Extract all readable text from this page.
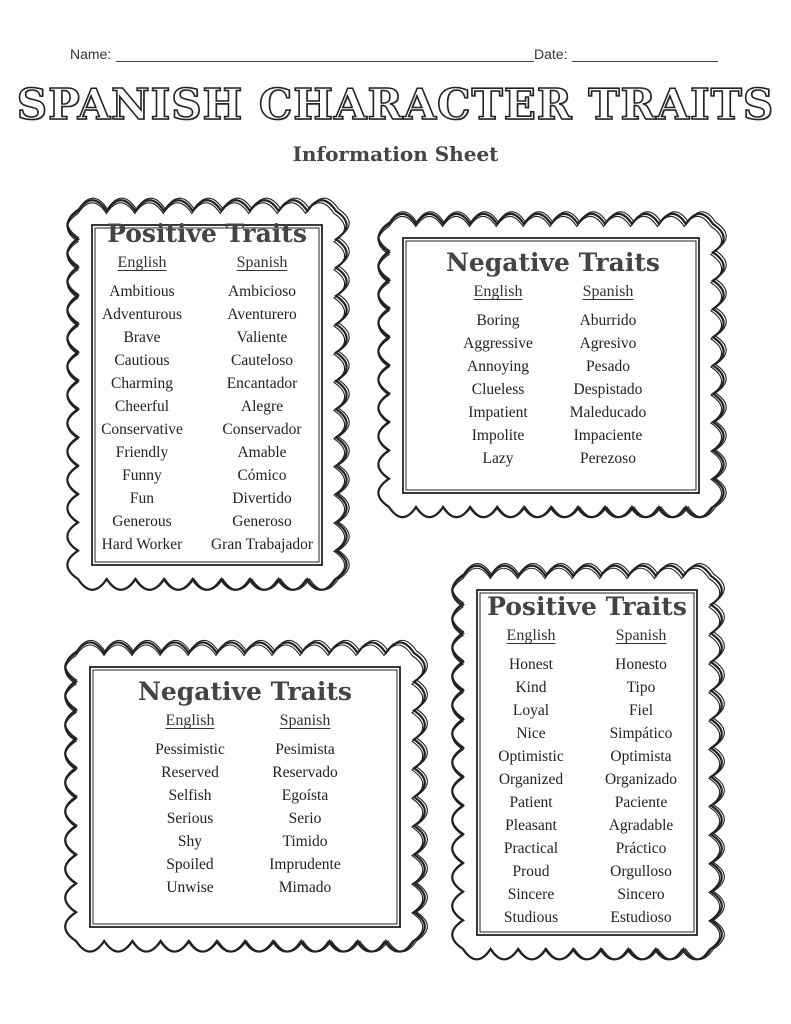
Name:	Date:
SPANISH CHARACTER TRAITS
Information Sheet
Positive Traits
English
Ambitious
Adventurous
Brave
Cautious
Charming
Cheerful
Conservative
Friendly
Funny
Fun
Generous
Hard Worker
Spanish
Ambicioso
Aventurero
Valiente
Cauteloso
Encantador
Alegre
Conservador
Amable
Cómico
Divertido
Generoso
Gran Trabajador
Negative Traits
English
Boring
Aggressive
Annoying
Clueless
Impatient
Impolite
Lazy
Spanish
Aburrido
Agresivo
Pesado
Despistado
Maleducado
Impaciente
Perezoso
Negative Traits
English
Pessimistic
Reserved
Selfish
Serious
Shy
Spoiled
Unwise
Spanish
Pesimista
Reservado
Egoísta
Serio
Timido
Imprudente
Mimado
Positive Traits
English
Honest
Kind
Loyal
Nice
Optimistic
Organized
Patient
Pleasant
Practical
Proud
Sincere
Studious
Spanish
Honesto
Tipo
Fiel
Simpático
Optimista
Organizado
Paciente
Agradable
Práctico
Orgulloso
Sincero
Estudioso
